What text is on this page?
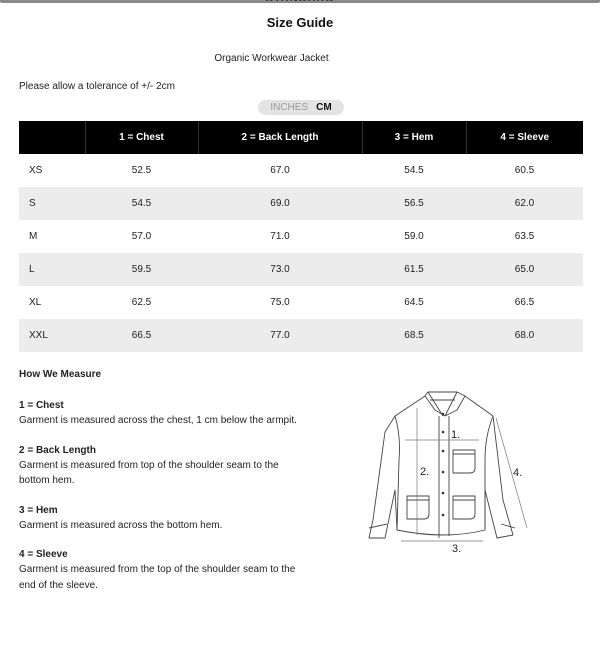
Size Guide
Organic Workwear Jacket
Please allow a tolerance of +/- 2cm
INCHES CM
	1 = Chest	2 = Back Length	3 = Hem	4 = Sleeve
XS	52.5	67.0	54.5	60.5
S	54.5	69.0	56.5	62.0
M	57.0	71.0	59.0	63.5
L	59.5	73.0	61.5	65.0
XL	62.5	75.0	64.5	66.5
XXL	66.5	77.0	68.5	68.0
How We Measure
1 = Chest
Garment is measured across the chest, 1 cm below the armpit.
2 = Back Length
Garment is measured from top of the shoulder seam to the bottom hem.
3 = Hem
Garment is measured across the bottom hem.
4 = Sleeve
Garment is measured from the top of the shoulder seam to the end of the sleeve.
1.
2.
3.
4.
